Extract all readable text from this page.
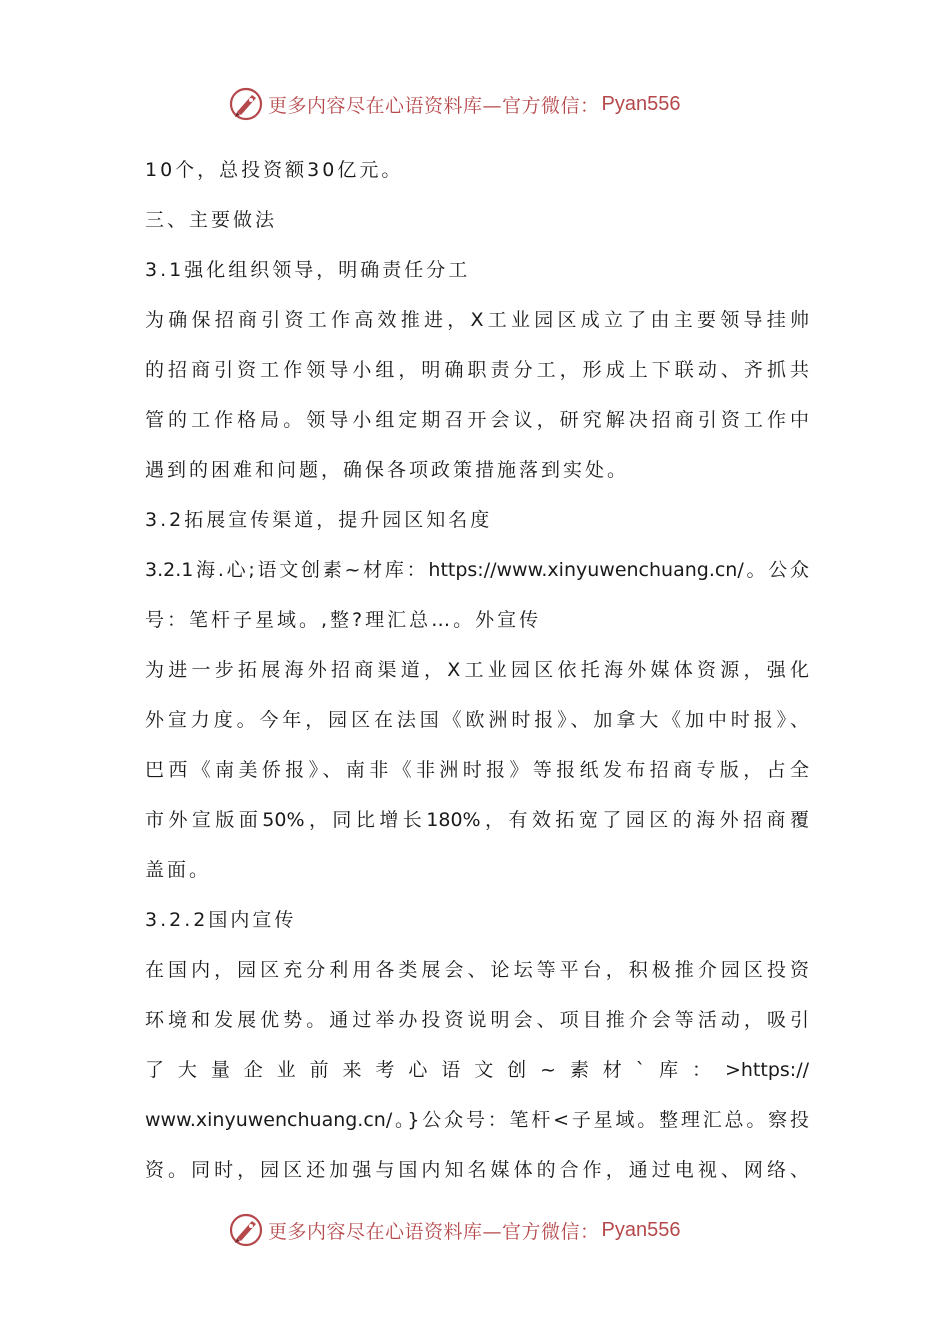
更多内容尽在心语资料库—官方微信： Pyan556
10个，总投资额30亿元。
三、主要做法
3.1强化组织领导，明确责任分工
为确保招商引资工作高效推进，X工业园区成立了由主要领导挂帅
的招商引资工作领导小组，明确职责分工，形成上下联动、齐抓共
管的工作格局。领导小组定期召开会议，研究解决招商引资工作中
遇到的困难和问题，确保各项政策措施落到实处。
3.2拓展宣传渠道，提升园区知名度
3.2.1海.心;语文创素~材库：https://www.xinyuwenchuang.cn/。公众
号：笔杆子星域。,整?理汇总…。外宣传
为进一步拓展海外招商渠道，X工业园区依托海外媒体资源，强化
外宣力度。今年，园区在法国《欧洲时报》、加拿大《加中时报》、
巴西《南美侨报》、南非《非洲时报》等报纸发布招商专版，占全
市外宣版面50%，同比增长180%，有效拓宽了园区的海外招商覆
盖面。
3.2.2国内宣传
在国内，园区充分利用各类展会、论坛等平台，积极推介园区投资
环境和发展优势。通过举办投资说明会、项目推介会等活动，吸引
了大量企业前来考心语文创~素材`库：>https://
www.xinyuwenchuang.cn/。}公众号：笔杆<子星域。整理汇总。察投
资。同时，园区还加强与国内知名媒体的合作，通过电视、网络、
更多内容尽在心语资料库—官方微信： Pyan556
